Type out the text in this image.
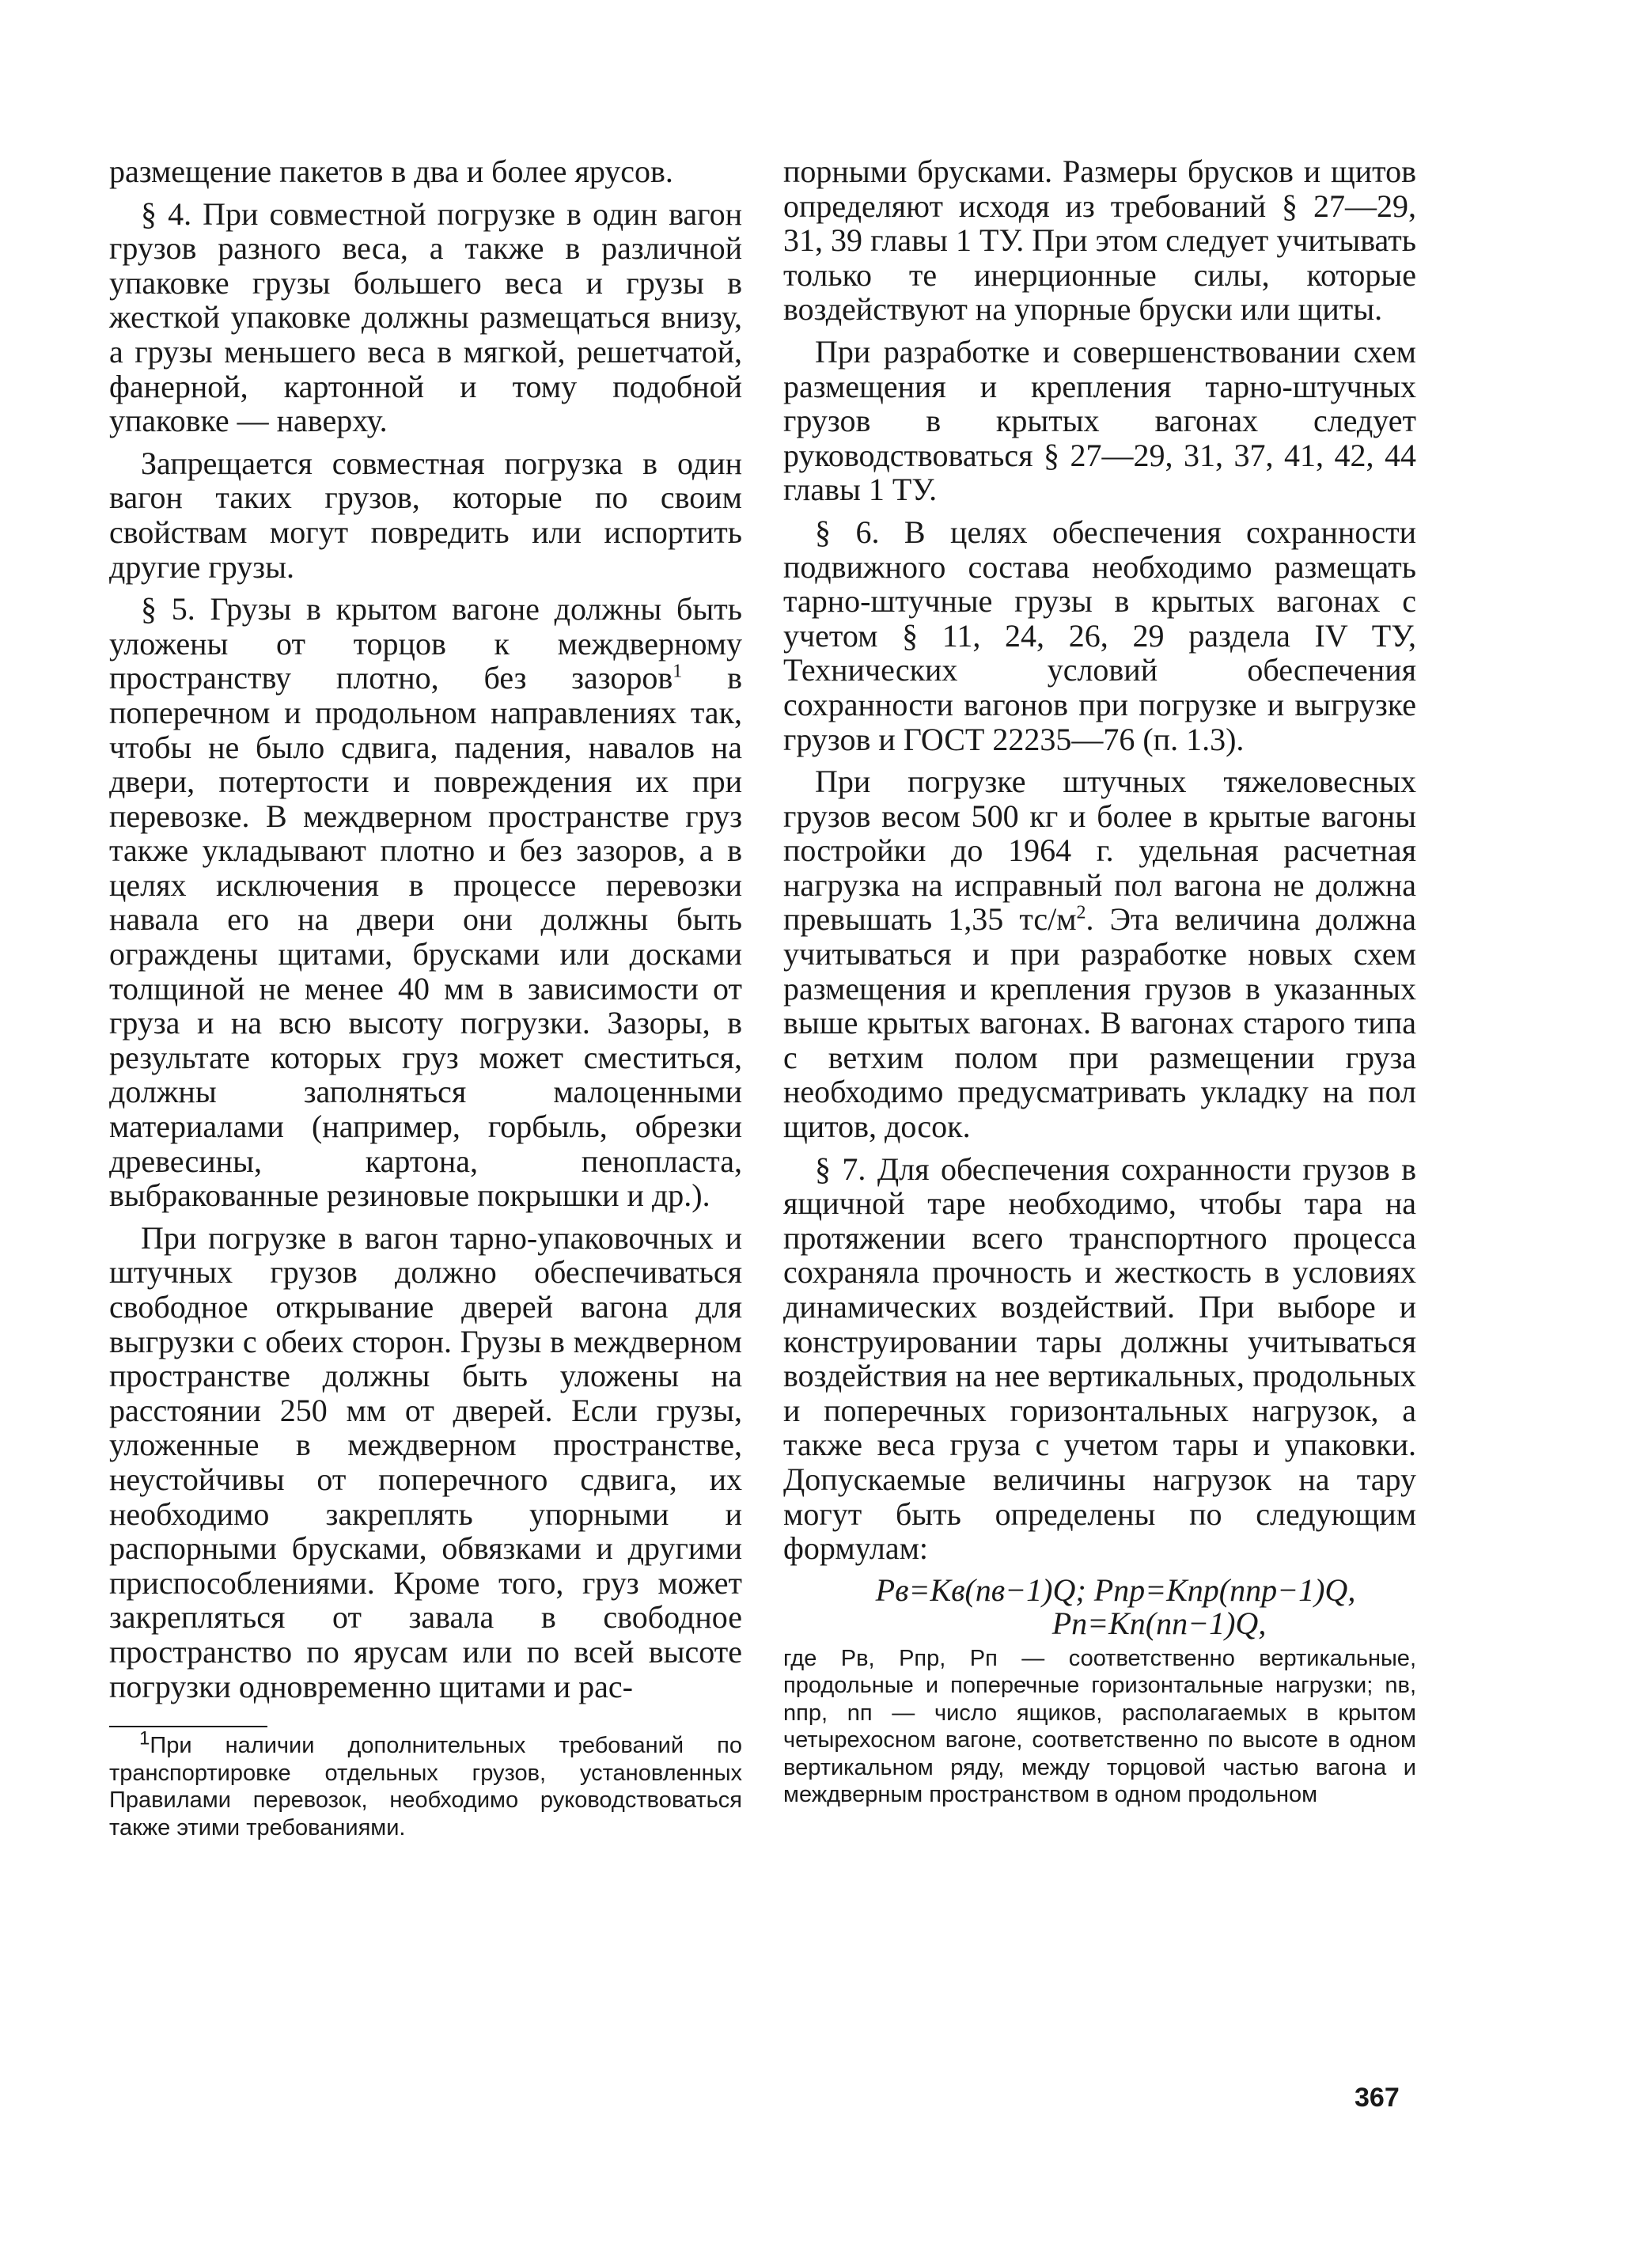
размещение пакетов в два и более ярусов.

§ 4. При совместной погрузке в один вагон грузов разного веса, а также в различной упаковке грузы большего веса и грузы в жесткой упаковке должны размещаться внизу, а грузы меньшего веса в мягкой, решетчатой, фанерной, картонной и тому подобной упаковке — наверху.

Запрещается совместная погрузка в один вагон таких грузов, которые по своим свойствам могут повредить или испортить другие грузы.

§ 5. Грузы в крытом вагоне должны быть уложены от торцов к междверному пространству плотно, без зазоров$^1$ в поперечном и продольном направлениях так, чтобы не было сдвига, падения, навалов на двери, потертости и повреждения их при перевозке. В междверном пространстве груз также укладывают плотно и без зазоров, а в целях исключения в процессе перевозки навала его на двери они должны быть ограждены щитами, брусками или досками толщиной не менее 40 мм в зависимости от груза и на всю высоту погрузки. Зазоры, в результате которых груз может сместиться, должны заполняться малоценными материалами (например, горбыль, обрезки древесины, картона, пенопласта, выбракованные резиновые покрышки и др.).

При погрузке в вагон тарно-упаковочных и штучных грузов должно обеспечиваться свободное открывание дверей вагона для выгрузки с обеих сторон. Грузы в междверном пространстве должны быть уложены на расстоянии 250 мм от дверей. Если грузы, уложенные в междверном пространстве, неустойчивы от поперечного сдвига, их необходимо закреплять упорными и распорными брусками, обвязками и другими приспособлениями. Кроме того, груз может закрепляться от завала в свободное пространство по ярусам или по всей высоте погрузки одновременно щитами и рас-

$^1$При наличии дополнительных требований по транспортировке отдельных грузов, установленных Правилами перевозок, необходимо руководствоваться также этими требованиями.

порными брусками. Размеры брусков и щитов определяют исходя из требований § 27—29, 31, 39 главы 1 ТУ. При этом следует учитывать только те инерционные силы, которые воздействуют на упорные бруски или щиты.

При разработке и совершенствовании схем размещения и крепления тарно-штучных грузов в крытых вагонах следует руководствоваться § 27—29, 31, 37, 41, 42, 44 главы 1 ТУ.

§ 6. В целях обеспечения сохранности подвижного состава необходимо размещать тарно-штучные грузы в крытых вагонах с учетом § 11, 24, 26, 29 раздела IV ТУ, Технических условий обеспечения сохранности вагонов при погрузке и выгрузке грузов и ГОСТ 22235—76 (п. 1.3).

При погрузке штучных тяжеловесных грузов весом 500 кг и более в крытые вагоны постройки до 1964 г. удельная расчетная нагрузка на исправный пол вагона не должна превышать 1,35 $тс/м^2$. Эта величина должна учитываться и при разработке новых схем размещения и крепления грузов в указанных выше крытых вагонах. В вагонах старого типа с ветхим полом при размещении груза необходимо предусматривать укладку на пол щитов, досок.

§ 7. Для обеспечения сохранности грузов в ящичной таре необходимо, чтобы тара на протяжении всего транспортного процесса сохраняла прочность и жесткость в условиях динамических воздействий. При выборе и конструировании тары должны учитываться воздействия на нее вертикальных, продольных и поперечных горизонтальных нагрузок, а также веса груза с учетом тары и упаковки. Допускаемые величины нагрузок на тару могут быть определены по следующим формулам:

Pв=Kв(nв−1)Q; Pпр=Kпр(nпр−1)Q,
Pп=Kп(nп−1)Q,

где Pв, Pпр, Pп — соответственно вертикальные, продольные и поперечные горизонтальные нагрузки; nв, nпр, nп — число ящиков, располагаемых в крытом четырехосном вагоне, соответственно по высоте в одном вертикальном ряду, между торцовой частью вагона и междверным пространством в одном продольном

367
